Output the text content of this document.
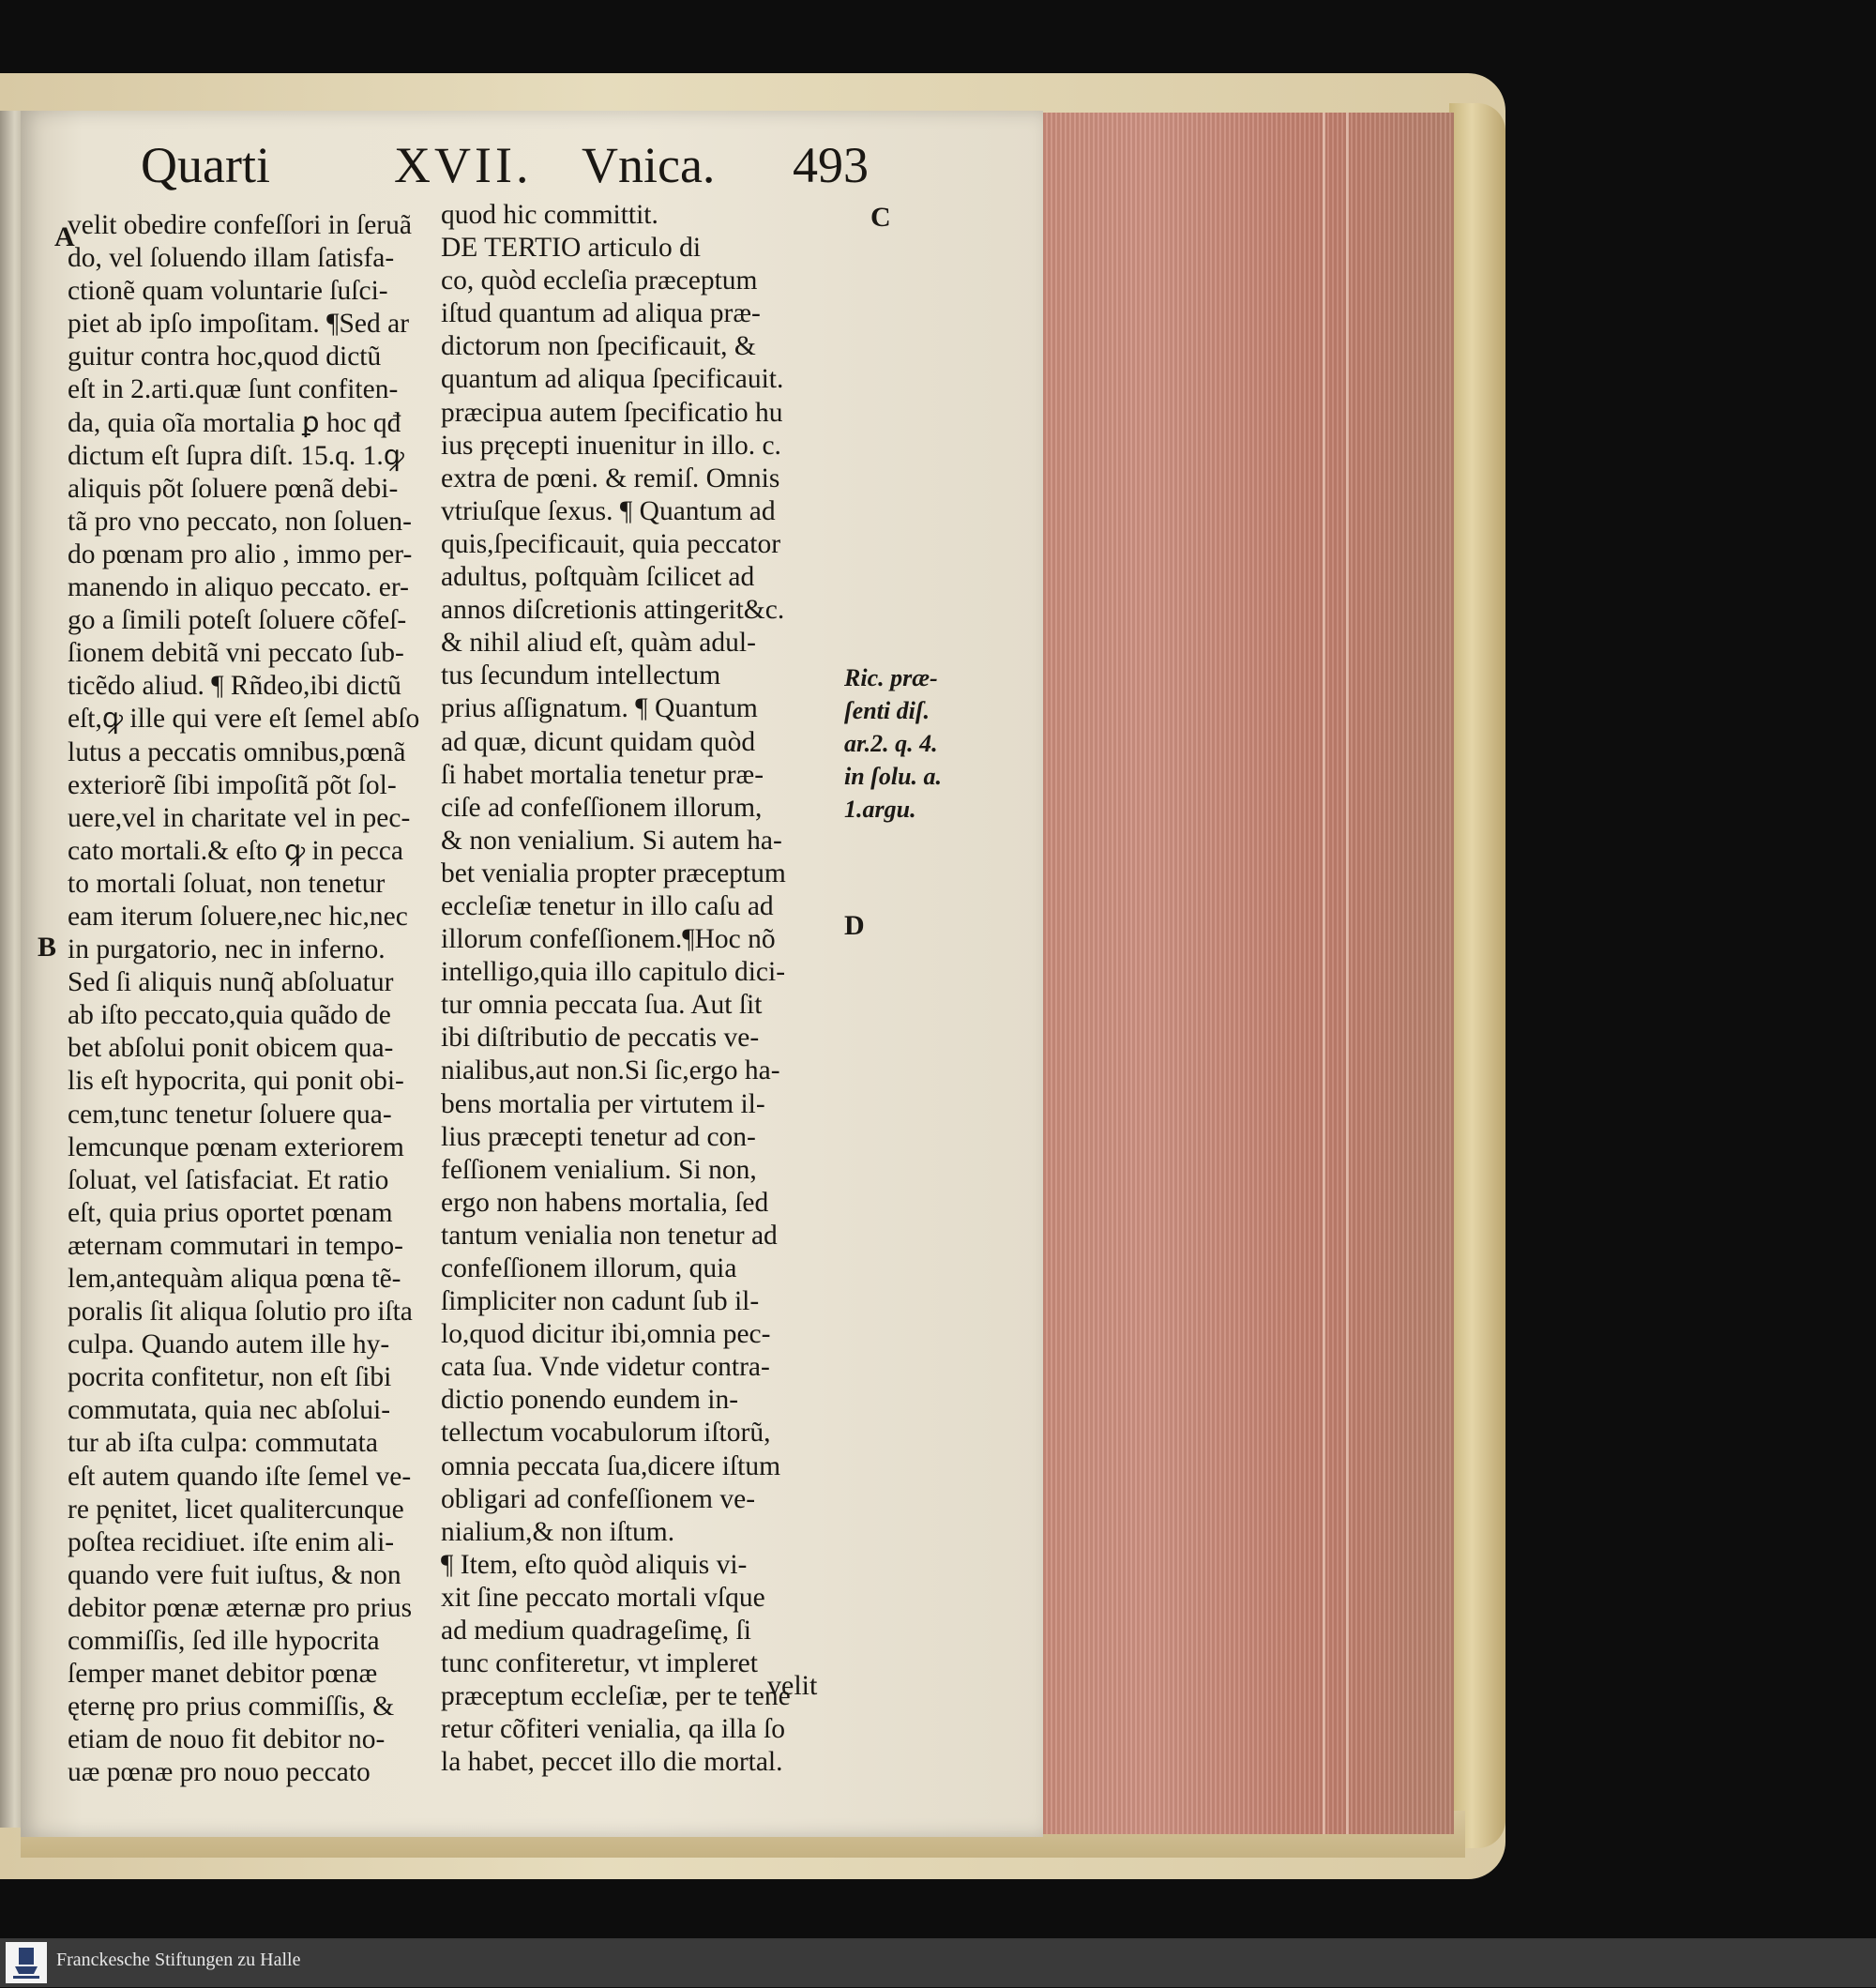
Quarti XVII. Vnica. 493
velit obedire confeſſori in ſeruã
do, vel ſoluendo illam ſatisfa-
ctionẽ quam voluntarie ſuſci-
piet ab ipſo impoſitam. ¶Sed ar
guitur contra hoc,quod dictũ
eſt in 2.arti.quæ ſunt confiten-
da, quia oĩa mortalia ꝑ hoc qđ
dictum eſt ſupra diſt. 15.q. 1.ꝙ
aliquis põt ſoluere pœnã debi-
tã pro vno peccato, non ſoluen-
do pœnam pro alio , immo per-
manendo in aliquo peccato. er-
go a ſimili poteſt ſoluere cõfeſ-
ſionem debitã vni peccato ſub-
ticẽdo aliud. ¶ Rñdeo,ibi dictũ
eſt,ꝙ ille qui vere eſt ſemel abſo
lutus a peccatis omnibus,pœnã
exteriorẽ ſibi impoſitã põt ſol-
uere,vel in charitate vel in pec-
cato mortali.& eſto ꝙ in pecca
to mortali ſoluat, non tenetur
eam iterum ſoluere,nec hic,nec
in purgatorio, nec in inferno.
Sed ſi aliquis nunq̃ abſoluatur
ab iſto peccato,quia quãdo de
bet abſolui ponit obicem qua-
lis eſt hypocrita, qui ponit obi-
cem,tunc tenetur ſoluere qua-
lemcunque pœnam exteriorem
ſoluat, vel ſatisfaciat. Et ratio
eſt, quia prius oportet pœnam
æternam commutari in tempo-
lem,antequàm aliqua pœna tẽ-
poralis ſit aliqua ſolutio pro iſta
culpa. Quando autem ille hy-
pocrita confitetur, non eſt ſibi
commutata, quia nec abſolui-
tur ab iſta culpa: commutata
eſt autem quando iſte ſemel ve-
re pęnitet, licet qualitercunque
poſtea recidiuet. iſte enim ali-
quando vere fuit iuſtus, & non
debitor pœnæ æternæ pro prius
commiſſis, ſed ille hypocrita
ſemper manet debitor pœnæ
ęternę pro prius commiſſis, &
etiam de nouo fit debitor no-
uæ pœnæ pro nouo peccato
quod hic committit.
DE TERTIO articulo di
co, quòd eccleſia præceptum
iſtud quantum ad aliqua præ-
dictorum non ſpecificauit, &
quantum ad aliqua ſpecificauit.
præcipua autem ſpecificatio hu
ius pręcepti inuenitur in illo. c.
extra de pœni. & remiſ. Omnis
vtriuſque ſexus. ¶ Quantum ad
quis,ſpecificauit, quia peccator
adultus, poſtquàm ſcilicet ad
annos diſcretionis attingerit&c.
& nihil aliud eſt, quàm adul-
tus ſecundum intellectum
prius aſſignatum. ¶ Quantum
ad quæ, dicunt quidam quòd
ſi habet mortalia tenetur præ-
ciſe ad confeſſionem illorum,
& non venialium. Si autem ha-
bet venialia propter præceptum
eccleſiæ tenetur in illo caſu ad
illorum confeſſionem.¶Hoc nõ
intelligo,quia illo capitulo dici-
tur omnia peccata ſua. Aut ſit
ibi diſtributio de peccatis ve-
nialibus,aut non.Si ſic,ergo ha-
bens mortalia per virtutem il-
lius præcepti tenetur ad con-
feſſionem venialium. Si non,
ergo non habens mortalia, ſed
tantum venialia non tenetur ad
confeſſionem illorum, quia
ſimpliciter non cadunt ſub il-
lo,quod dicitur ibi,omnia pec-
cata ſua. Vnde videtur contra-
dictio ponendo eundem in-
tellectum vocabulorum iſtorũ,
omnia peccata ſua,dicere iſtum
obligari ad confeſſionem ve-
nialium,& non iſtum.
¶ Item, eſto quòd aliquis vi-
xit ſine peccato mortali vſque
ad medium quadrageſimę, ſi
tunc confiteretur, vt impleret
præceptum eccleſiæ, per te tene
retur cõfiteri venialia, qa illa ſo
la habet, peccet illo die mortal.
Ric. præ-
ſenti diſ.
ar.2. q. 4.
in ſolu. a.
1.argu.
A
B
C
D
velit
Franckesche Stiftungen zu Halle
